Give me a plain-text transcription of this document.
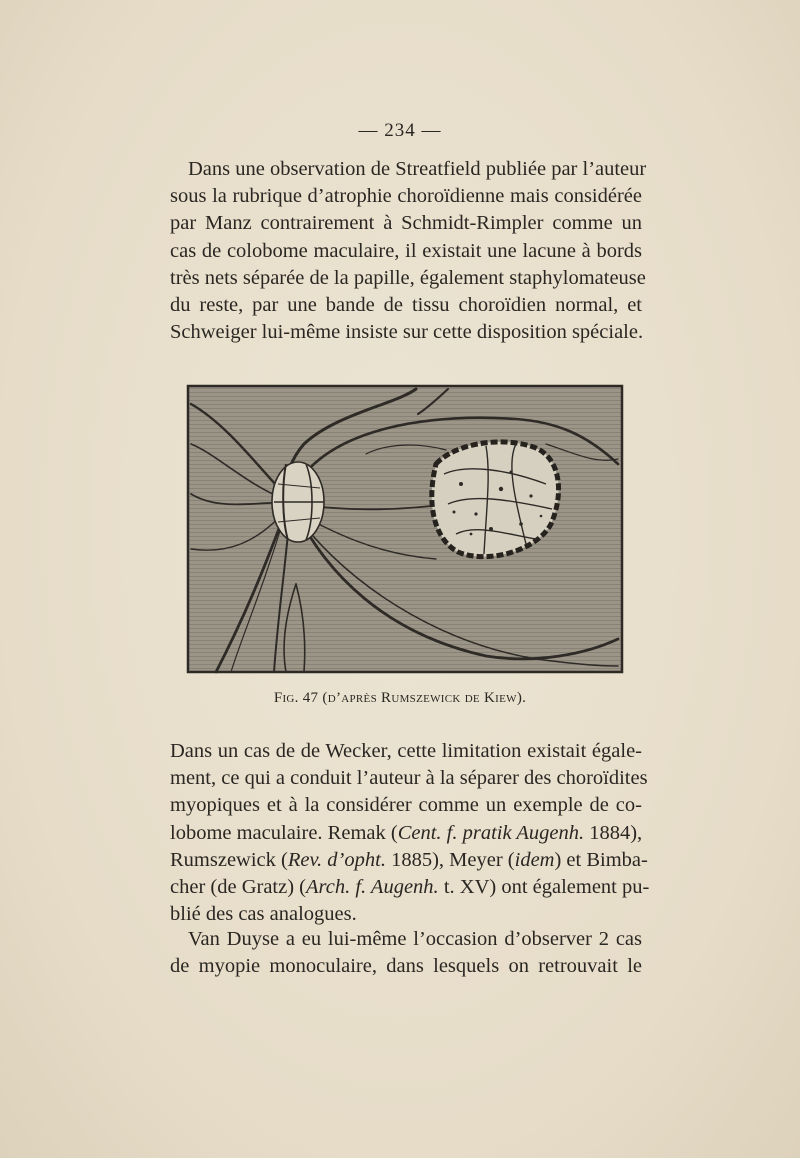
— 234 —

Dans une observation de Streatfield publiée par l’auteur
sous la rubrique d’atrophie choroïdienne mais considérée
par Manz contrairement à Schmidt-Rimpler comme un
cas de colobome maculaire, il existait une lacune à bords
très nets séparée de la papille, également staphylomateuse
du reste, par une bande de tissu choroïdien normal, et
Schweiger lui-même insiste sur cette disposition spéciale.

Fig. 47 (d’après Rumszewick de Kiew).

Dans un cas de de Wecker, cette limitation existait égale-
ment, ce qui a conduit l’auteur à la séparer des choroïdites
myopiques et à la considérer comme un exemple de co-
lobome maculaire. Remak (Cent. f. pratik Augenh. 1884),
Rumszewick (Rev. d’opht. 1885), Meyer (idem) et Bimba-
cher (de Gratz) (Arch. f. Augenh. t. XV) ont également pu-
blié des cas analogues.

Van Duyse a eu lui-même l’occasion d’observer 2 cas
de myopie monoculaire, dans lesquels on retrouvait le
